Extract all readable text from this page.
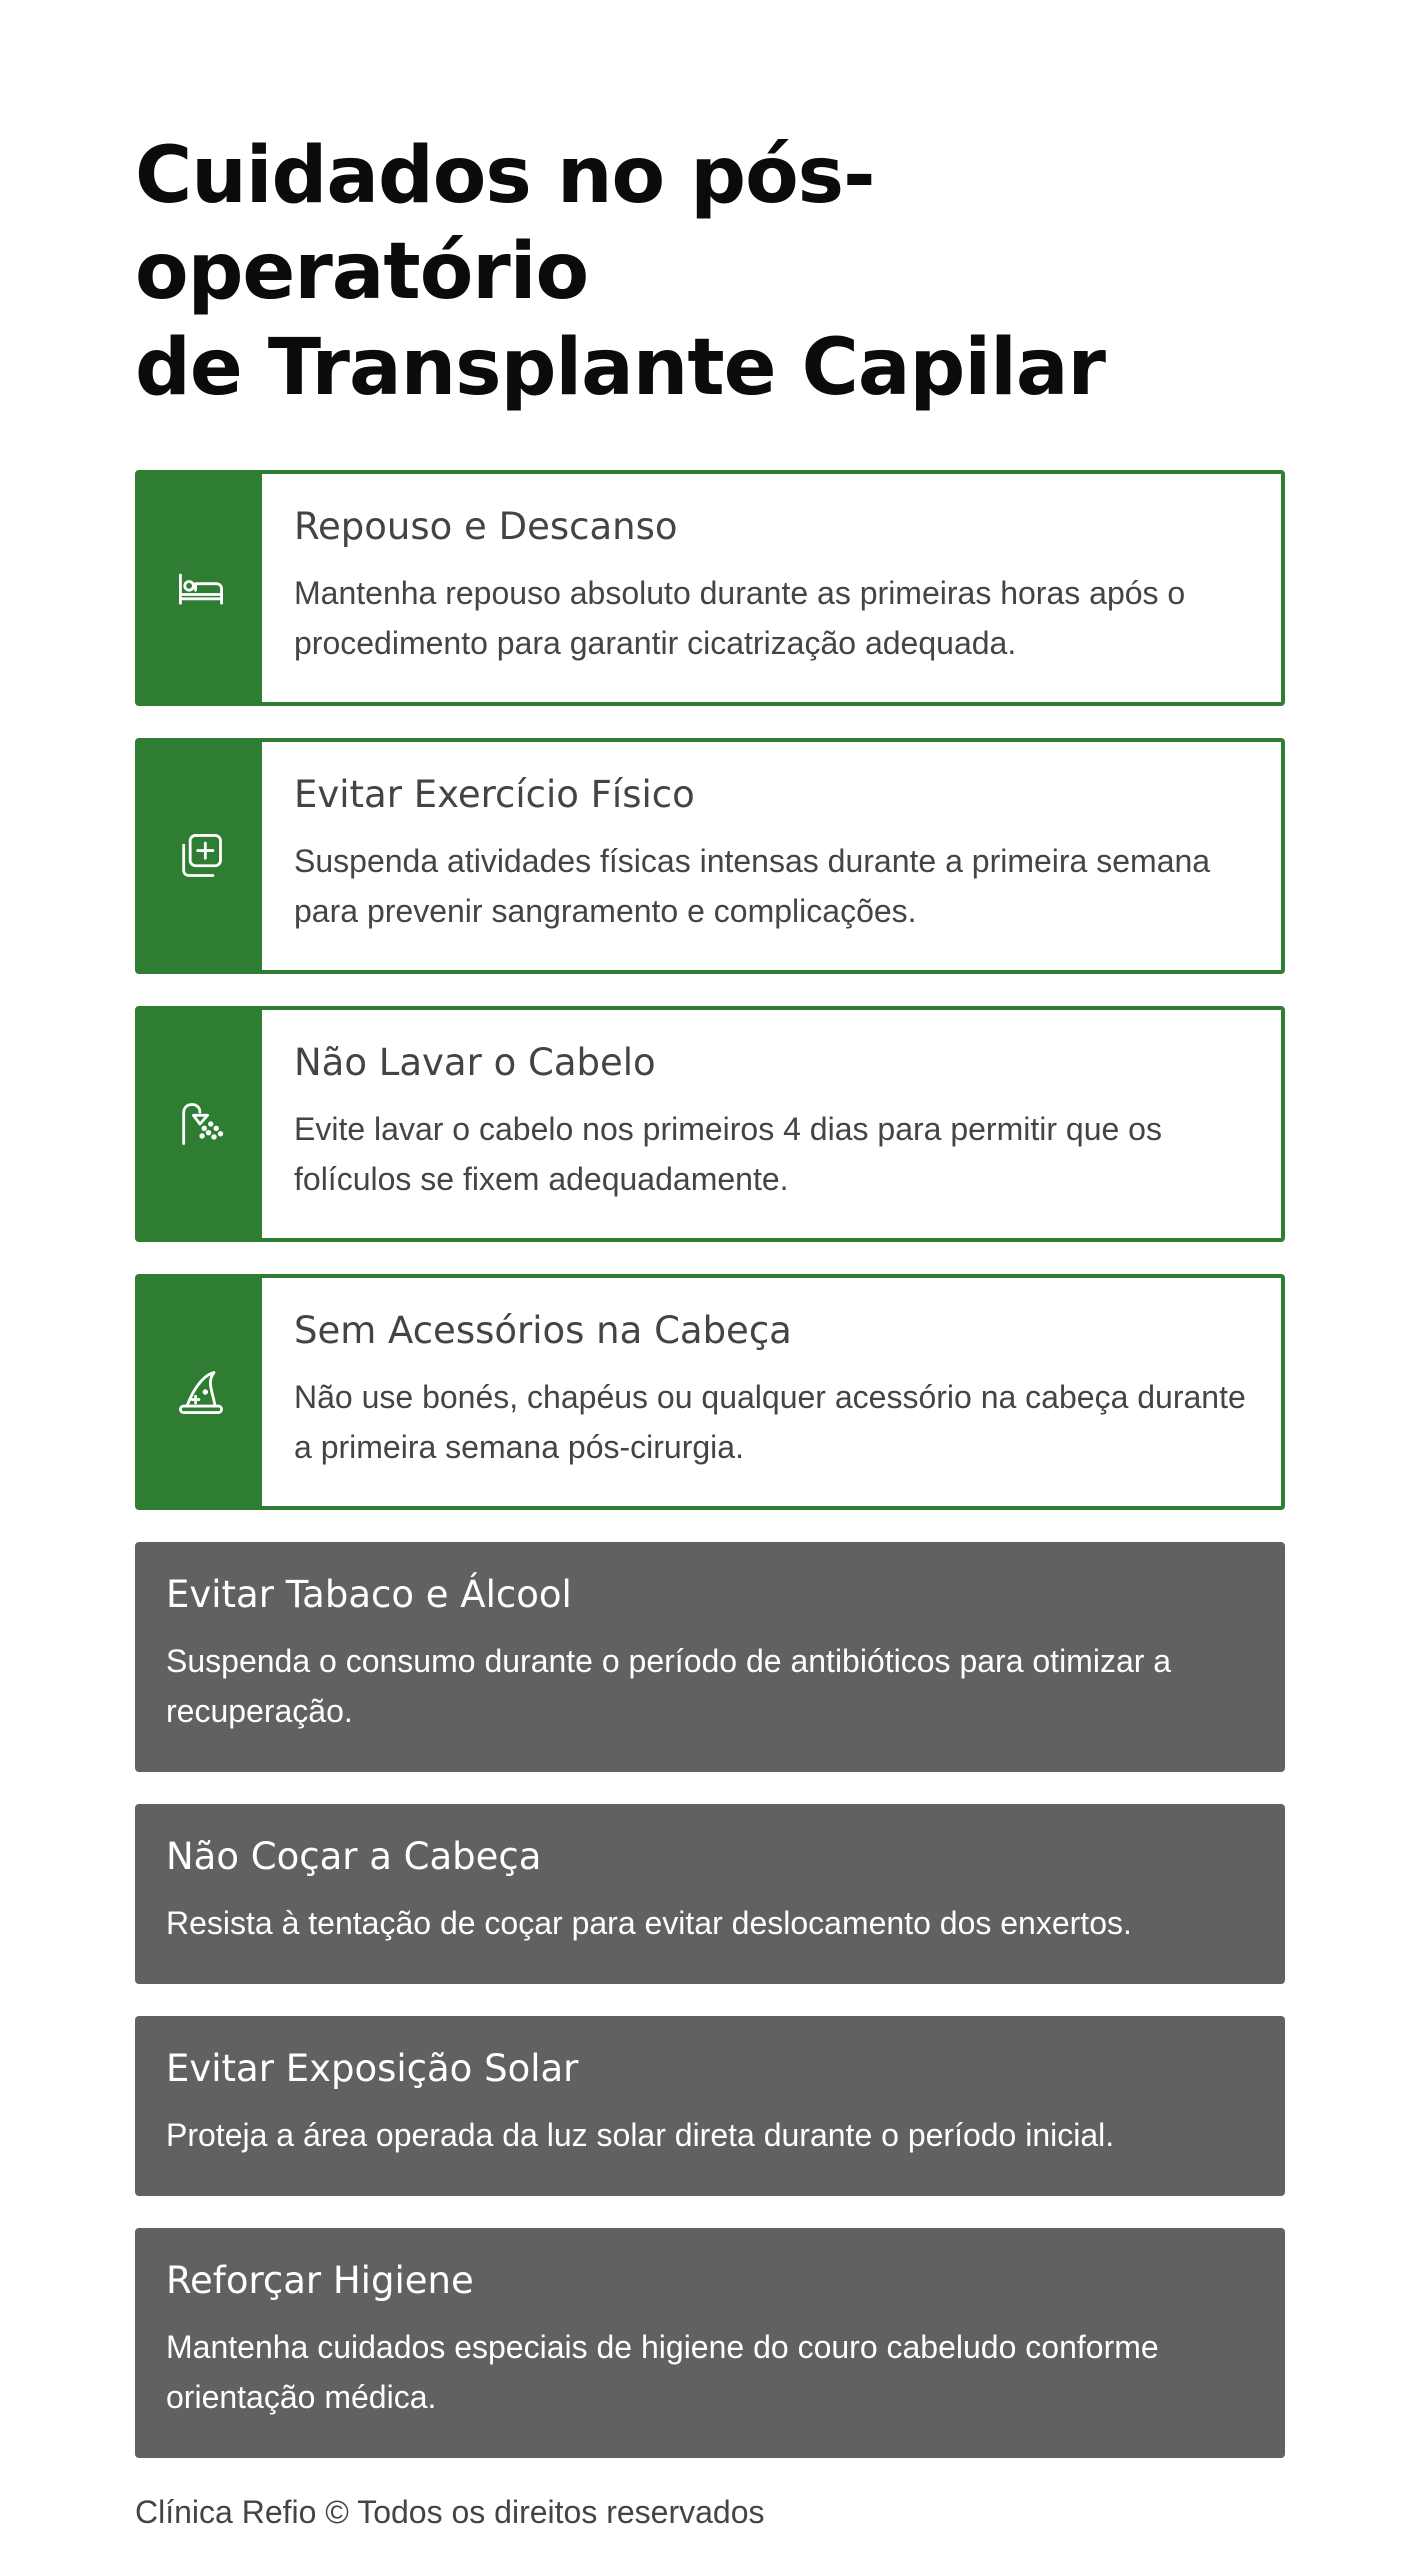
Cuidados no pós-operatório
de Transplante Capilar
Repouso e Descanso

Mantenha repouso absoluto durante as primeiras horas após o procedimento para garantir cicatrização adequada.

Evitar Exercício Físico

Suspenda atividades físicas intensas durante a primeira semana para prevenir sangramento e complicações.

Não Lavar o Cabelo

Evite lavar o cabelo nos primeiros 4 dias para permitir que os folículos se fixem adequadamente.

Sem Acessórios na Cabeça

Não use bonés, chapéus ou qualquer acessório na cabeça durante a primeira semana pós-cirurgia.

Evitar Tabaco e Álcool

Suspenda o consumo durante o período de antibióticos para otimizar a recuperação.

Não Coçar a Cabeça

Resista à tentação de coçar para evitar deslocamento dos enxertos.

Evitar Exposição Solar

Proteja a área operada da luz solar direta durante o período inicial.

Reforçar Higiene

Mantenha cuidados especiais de higiene do couro cabeludo conforme orientação médica.

Clínica Refio © Todos os direitos reservados
